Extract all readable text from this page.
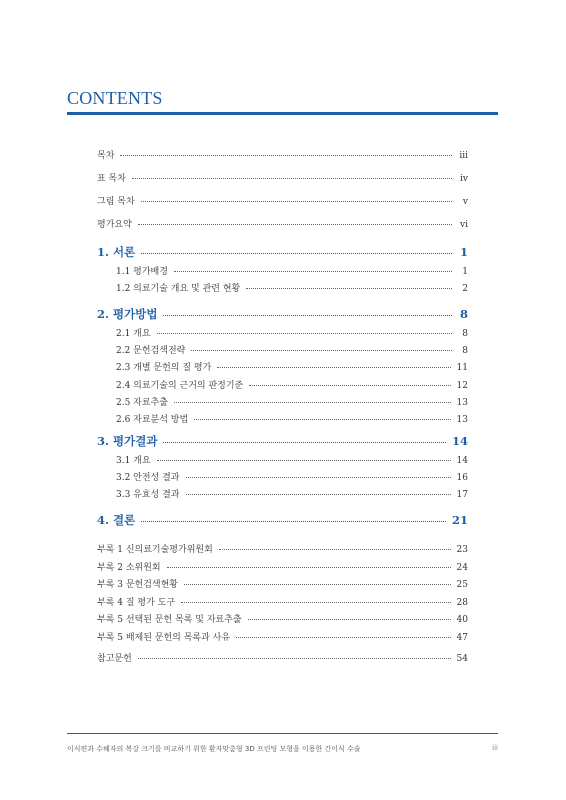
CONTENTS
목차	iii
표 목차	iv
그림 목차	v
평가요약	vi
1. 서론	1
1.1 평가배경	1
1.2 의료기술 개요 및 관련 현황	2
2. 평가방법	8
2.1 개요	8
2.2 문헌검색전략	8
2.3 개별 문헌의 질 평가	11
2.4 의료기술의 근거의 판정기준	12
2.5 자료추출	13
2.6 자료분석 방법	13
3. 평가결과	14
3.1 개요	14
3.2 안전성 결과	16
3.3 유효성 결과	17
4. 결론	21
부록 1 신의료기술평가위원회	23
부록 2 소위원회	24
부록 3 문헌검색현황	25
부록 4 질 평가 도구	28
부록 5 선택된 문헌 목록 및 자료추출	40
부록 5 배제된 문헌의 목록과 사유	47
참고문헌	54
이식편과 수혜자의 복강 크기를 비교하기 위한 환자맞춤형 3D 프린팅 모형을 이용한 간이식 수술	iii
